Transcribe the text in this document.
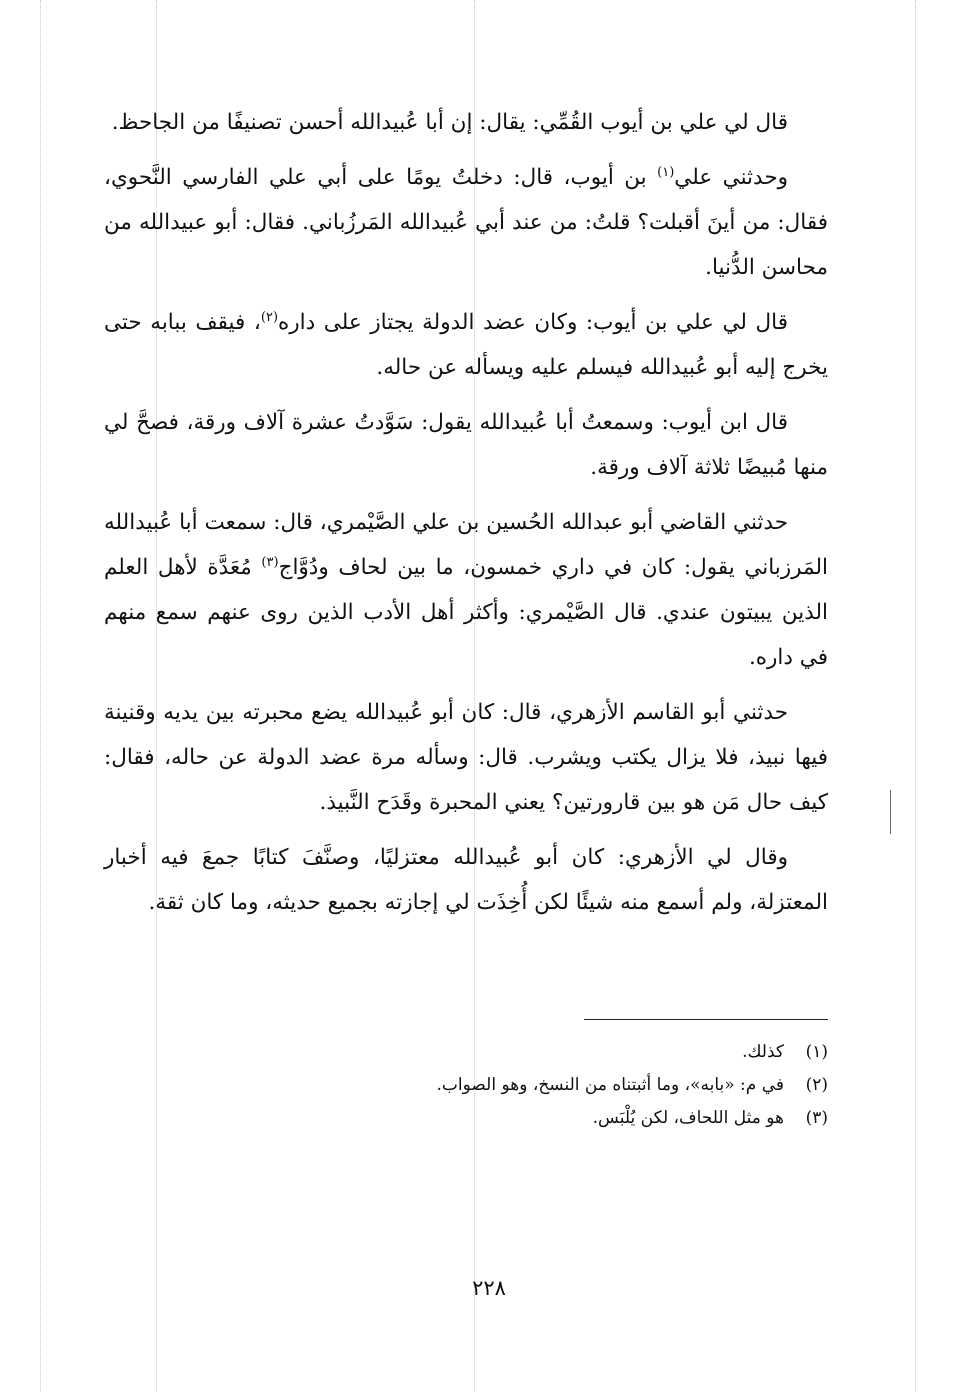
قال لي علي بن أيوب القُمِّي: يقال: إن أبا عُبيدالله أحسن تصنيفًا من الجاحظ.

وحدثني علي$^{(١)}$ بن أيوب، قال: دخلتُ يومًا على أبي علي الفارسي النَّحوي، فقال: من أينَ أقبلت؟ قلتُ: من عند أبي عُبيدالله المَرزُباني. فقال: أبو عبيدالله من محاسن الدُّنيا.

قال لي علي بن أيوب: وكان عضد الدولة يجتاز على داره$^{(٢)}$، فيقف ببابه حتى يخرج إليه أبو عُبيدالله فيسلم عليه ويسأله عن حاله.

قال ابن أيوب: وسمعتُ أبا عُبيدالله يقول: سَوَّدتُ عشرة آلاف ورقة، فصحَّ لي منها مُبيضًا ثلاثة آلاف ورقة.

حدثني القاضي أبو عبدالله الحُسين بن علي الصَّيْمري، قال: سمعت أبا عُبيدالله المَرزباني يقول: كان في داري خمسون، ما بين لحاف ودُوَّاج$^{(٣)}$ مُعَدَّة لأهل العلم الذين يبيتون عندي. قال الصَّيْمري: وأكثر أهل الأدب الذين روى عنهم سمع منهم في داره.

حدثني أبو القاسم الأزهري، قال: كان أبو عُبيدالله يضع محبرته بين يديه وقنينة فيها نبيذ، فلا يزال يكتب ويشرب. قال: وسأله مرة عضد الدولة عن حاله، فقال: كيف حال مَن هو بين قارورتين؟ يعني المحبرة وقَدَح النَّبيذ.

وقال لي الأزهري: كان أبو عُبيدالله معتزليًا، وصنَّفَ كتابًا جمعَ فيه أخبار المعتزلة، ولم أسمع منه شيئًا لكن أُخِذَت لي إجازته بجميع حديثه، وما كان ثقة.

(١)كذلك.

(٢)في م: «بابه»، وما أثبتناه من النسخ، وهو الصواب.

(٣)هو مثل اللحاف، لكن يُلْبَس.

٢٢٨
